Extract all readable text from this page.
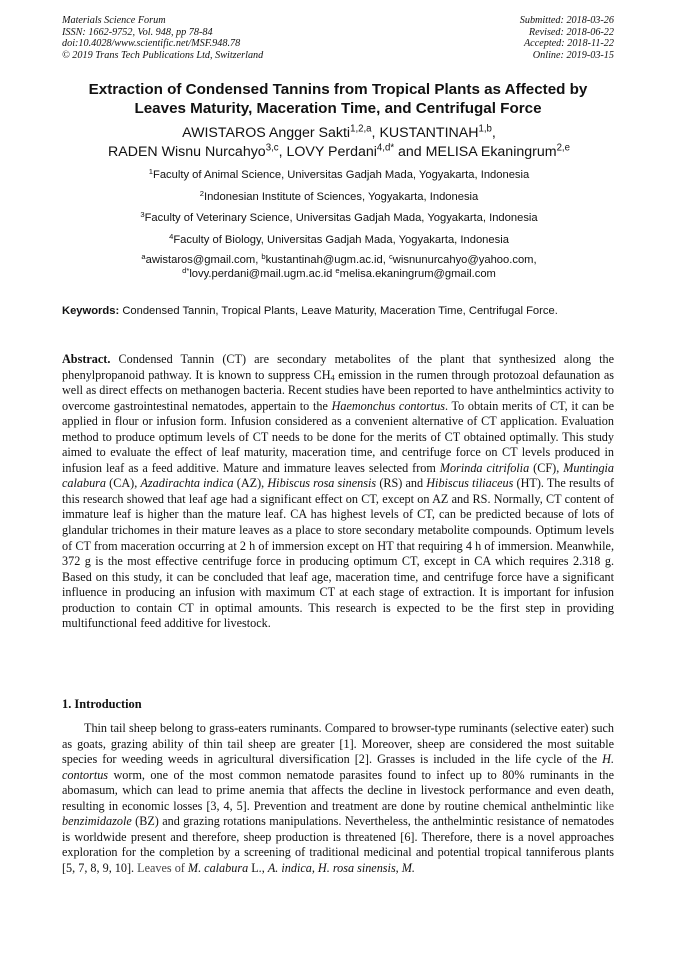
Materials Science Forum
ISSN: 1662-9752, Vol. 948, pp 78-84
doi:10.4028/www.scientific.net/MSF.948.78
© 2019 Trans Tech Publications Ltd, Switzerland
Submitted: 2018-03-26
Revised: 2018-06-22
Accepted: 2018-11-22
Online: 2019-03-15
Extraction of Condensed Tannins from Tropical Plants as Affected by
Leaves Maturity, Maceration Time, and Centrifugal Force
AWISTAROS Angger Sakti$^{1,2,a}$, KUSTANTINAH$^{1,b}$,
RADEN Wisnu Nurcahyo$^{3,c}$, LOVY Perdani$^{4,d*}$ and MELISA Ekaningrum$^{2,e}$
$^1$Faculty of Animal Science, Universitas Gadjah Mada, Yogyakarta, Indonesia
$^2$Indonesian Institute of Sciences, Yogyakarta, Indonesia
$^3$Faculty of Veterinary Science, Universitas Gadjah Mada, Yogyakarta, Indonesia
$^4$Faculty of Biology, Universitas Gadjah Mada, Yogyakarta, Indonesia
$^a$awistaros@gmail.com, $^b$kustantinah@ugm.ac.id, $^c$wisnunurcahyo@yahoo.com,
$^{d*}$lovy.perdani@mail.ugm.ac.id $^e$melisa.ekaningrum@gmail.com
Keywords: Condensed Tannin, Tropical Plants, Leave Maturity, Maceration Time, Centrifugal Force.
Abstract. Condensed Tannin (CT) are secondary metabolites of the plant that synthesized along the phenylpropanoid pathway. It is known to suppress $CH_4$ emission in the rumen through protozoal defaunation as well as direct effects on methanogen bacteria. Recent studies have been reported to have anthelmintics activity to overcome gastrointestinal nematodes, appertain to the Haemonchus contortus. To obtain merits of CT, it can be applied in flour or infusion form. Infusion considered as a convenient alternative of CT application. Evaluation method to produce optimum levels of CT needs to be done for the merits of CT obtained optimally. This study aimed to evaluate the effect of leaf maturity, maceration time, and centrifuge force on CT levels produced in infusion leaf as a feed additive. Mature and immature leaves selected from Morinda citrifolia (CF), Muntingia calabura (CA), Azadirachta indica (AZ), Hibiscus rosa sinensis (RS) and Hibiscus tiliaceus (HT). The results of this research showed that leaf age had a significant effect on CT, except on AZ and RS. Normally, CT content of immature leaf is higher than the mature leaf. CA has highest levels of CT, can be predicted because of lots of glandular trichomes in their mature leaves as a place to store secondary metabolite compounds. Optimum levels of CT from maceration occurring at 2 h of immersion except on HT that requiring 4 h of immersion. Meanwhile, 372 g is the most effective centrifuge force in producing optimum CT, except in CA which requires 2.318 g. Based on this study, it can be concluded that leaf age, maceration time, and centrifuge force have a significant influence in producing an infusion with maximum CT at each stage of extraction. It is important for infusion production to contain CT in optimal amounts. This research is expected to be the first step in providing multifunctional feed additive for livestock.
1. Introduction
Thin tail sheep belong to grass-eaters ruminants. Compared to browser-type ruminants (selective eater) such as goats, grazing ability of thin tail sheep are greater [1]. Moreover, sheep are considered the most suitable species for weeding weeds in agricultural diversification [2]. Grasses is included in the life cycle of the H. contortus worm, one of the most common nematode parasites found to infect up to 80% ruminants in the abomasum, which can lead to prime anemia that affects the decline in livestock performance and even death, resulting in economic losses [3, 4, 5]. Prevention and treatment are done by routine chemical anthelmintic like benzimidazole (BZ) and grazing rotations manipulations. Nevertheless, the anthelmintic resistance of nematodes is worldwide present and therefore, sheep production is threatened [6]. Therefore, there is a novel approaches exploration for the completion by a screening of traditional medicinal and potential tropical tanniferous plants [5, 7, 8, 9, 10]. Leaves of M. calabura L., A. indica, H. rosa sinensis, M.
